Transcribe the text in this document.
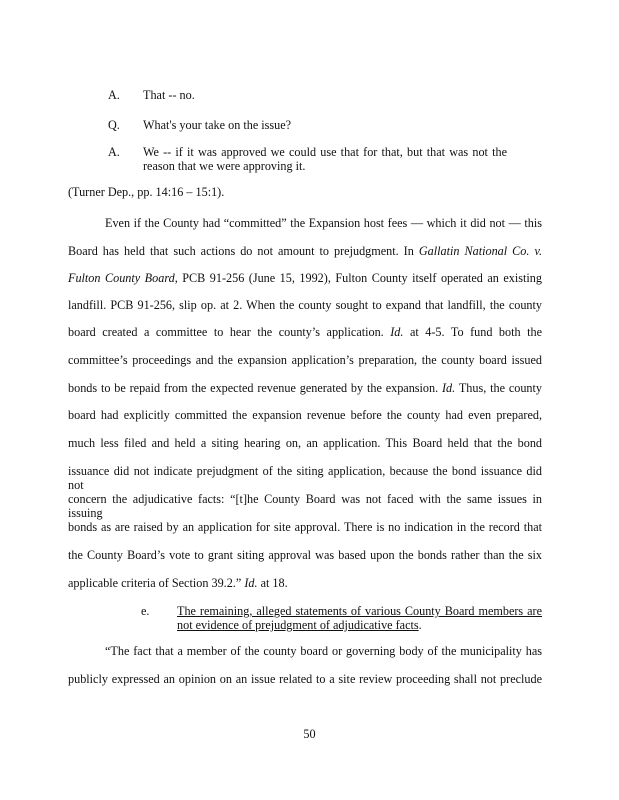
A. That -- no.
Q. What's your take on the issue?
A. We -- if it was approved we could use that for that, but that was not the
reason that we were approving it.
(Turner Dep., pp. 14:16 – 15:1).
Even if the County had “committed” the Expansion host fees — which it did not — this
Board has held that such actions do not amount to prejudgment. In Gallatin National Co. v.
Fulton County Board, PCB 91-256 (June 15, 1992), Fulton County itself operated an existing
landfill. PCB 91-256, slip op. at 2. When the county sought to expand that landfill, the county
board created a committee to hear the county’s application. Id. at 4-5. To fund both the
committee’s proceedings and the expansion application’s preparation, the county board issued
bonds to be repaid from the expected revenue generated by the expansion. Id. Thus, the county
board had explicitly committed the expansion revenue before the county had even prepared,
much less filed and held a siting hearing on, an application. This Board held that the bond
issuance did not indicate prejudgment of the siting application, because the bond issuance did not
concern the adjudicative facts: “[t]he County Board was not faced with the same issues in issuing
bonds as are raised by an application for site approval. There is no indication in the record that
the County Board’s vote to grant siting approval was based upon the bonds rather than the six
applicable criteria of Section 39.2.” Id. at 18.
e. The remaining, alleged statements of various County Board members are
not evidence of prejudgment of adjudicative facts.
“The fact that a member of the county board or governing body of the municipality has
publicly expressed an opinion on an issue related to a site review proceeding shall not preclude
50
